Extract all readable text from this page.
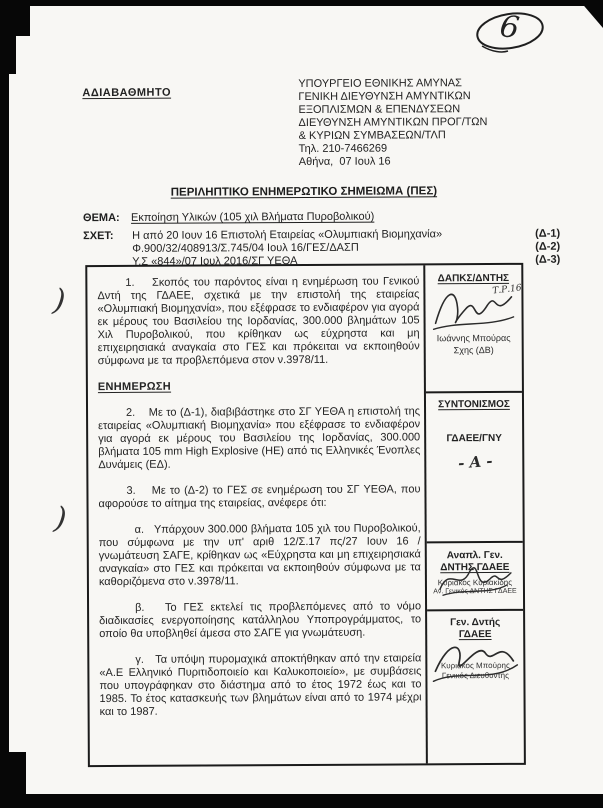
6
ΑΔΙΑΒΑΘΜΗΤΟ
ΥΠΟΥΡΓΕΙΟ ΕΘΝΙΚΗΣ ΑΜΥΝΑΣ
ΓΕΝΙΚΗ ΔΙΕΥΘΥΝΣΗ ΑΜΥΝΤΙΚΩΝ
ΕΞΟΠΛΙΣΜΩΝ & ΕΠΕΝΔΥΣΕΩΝ
ΔΙΕΥΘΥΝΣΗ ΑΜΥΝΤΙΚΩΝ ΠΡΟΓ/ΤΩΝ
& ΚΥΡΙΩΝ ΣΥΜΒΑΣΕΩΝ/ΤΛΠ
Τηλ. 210-7466269
Αθήνα,  07 Ιουλ 16
ΠΕΡΙΛΗΠΤΙΚΟ ΕΝΗΜΕΡΩΤΙΚΟ ΣΗΜΕΙΩΜΑ (ΠΕΣ)
ΘΕΜΑ: Εκποίηση Υλικών (105 χιλ Βλήματα Πυροβολικού)
ΣΧΕΤ: Η από 20 Ιουν 16 Επιστολή Εταιρείας «Ολυμπιακή Βιομηχανία»
Φ.900/32/408913/Σ.745/04 Ιουλ 16/ΓΕΣ/ΔΑΣΠ
Υ.Σ «844»/07 Ιουλ 2016/ΣΓ ΥΕΘΑ
(Δ-1)
(Δ-2)
(Δ-3)
)
)

1.    Σκοπός του παρόντος είναι η ενημέρωση του Γενικού Δντή της ΓΔΑΕΕ, σχετικά με την επιστολή της εταιρείας «Ολυμπιακή Βιομηχανία», που εξέφρασε το ενδιαφέρον για αγορά εκ μέρους του Βασιλείου της Ιορδανίας, 300.000 βλημάτων 105 Χιλ Πυροβολικού, που κρίθηκαν ως εύχρηστα και μη επιχειρησιακά αναγκαία στο ΓΕΣ και πρόκειται να εκποιηθούν σύμφωνα με τα προβλεπόμενα στον ν.3978/11.

ΕΝΗΜΕΡΩΣΗ

2.    Με το (Δ-1), διαβιβάστηκε στο ΣΓ ΥΕΘΑ η επιστολή της εταιρείας «Ολυμπιακή Βιομηχανία» που εξέφρασε το ενδιαφέρον για αγορά εκ μέρους του Βασιλείου της Ιορδανίας, 300.000 βλήματα 105 mm High Explosive (HE) από τις Ελληνικές Ένοπλες Δυνάμεις (ΕΔ).

3.    Με το (Δ-2) το ΓΕΣ σε ενημέρωση του ΣΓ ΥΕΘΑ, που αφορούσε το αίτημα της εταιρείας, ανέφερε ότι:

α.   Υπάρχουν 300.000 βλήματα 105 χιλ του Πυροβολικού, που σύμφωνα με την υπ' αριθ 12/Σ.17 πς/27 Ιουν 16 /γνωμάτευση ΣΑΓΕ, κρίθηκαν ως «Εύχρηστα και μη επιχειρησιακά αναγκαία» στο ΓΕΣ και πρόκειται να εκποιηθούν σύμφωνα με τα καθοριζόμενα στο ν.3978/11.

β.   Το ΓΕΣ εκτελεί τις προβλεπόμενες από το νόμο διαδικασίες ενεργοποίησης κατάλληλου Υποπρογράμματος, το οποίο θα υποβληθεί άμεσα στο ΣΑΓΕ για γνωμάτευση.

γ.   Τα υπόψη πυρομαχικά αποκτήθηκαν από την εταιρεία «Α.Ε Ελληνικό Πυριτιδοποιείο και Καλυκοποιείο», με συμβάσεις που υπογράφηκαν στο διάστημα από το έτος 1972 έως και το 1985. Το έτος κατασκευής των βλημάτων είναι από το 1974 μέχρι και το 1987.

ΔΑΠΚΣ/ΔΝΤΗΣ
Τ.Ρ.16
Ιωάννης Μπούρας
Σχης (ΔΒ)
ΣΥΝΤΟΝΙΣΜΟΣ
ΓΔΑΕΕ/ΓΝΥ
- Α -
Αναπλ. Γεν.
ΔΝΤΗΣ ΓΔΑΕΕ
Κυριάκος Κυριακίδης
Αν. Γενικός ΔΝΤΗΣ ΓΔΑΕΕ
Γεν. Δντής
ΓΔΑΕΕ
Κυριάκος Μπούρης
Γενικός Διευθυντής
